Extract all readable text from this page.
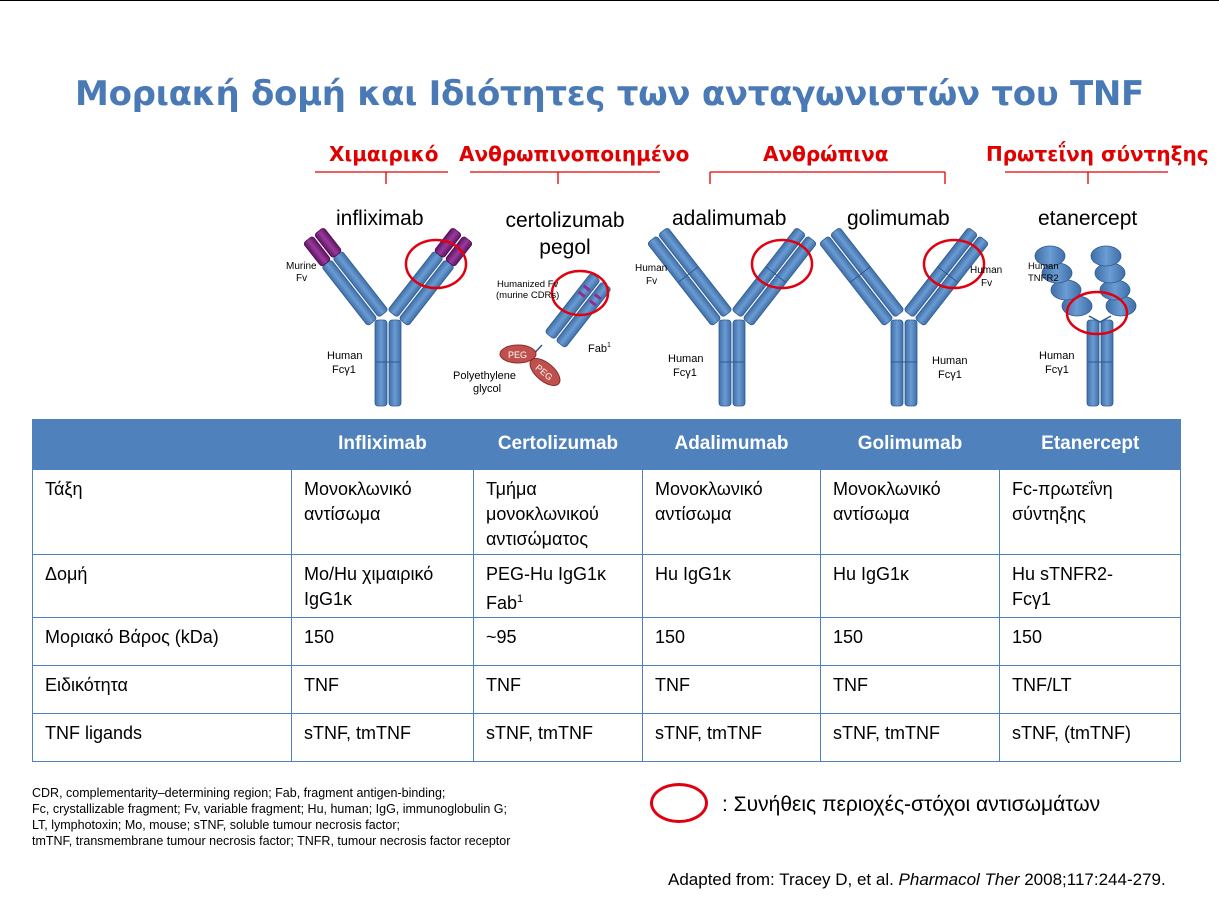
Μοριακή δομή και Ιδιότητες των ανταγωνιστών του TNF
Χιμαιρικό Ανθρωπινοποιημένο	Ανθρώπινα	Πρωτεΐνη σύντηξης
infliximab	certolizumab
pegol
adalimumab	golimumab	etanercept
Murine
Fv
Human
Fcγ1
PEG
PEG
Humanized Fv
(murine CDRs)
Fab$^1$
Polyethylene
glycol
Human
Fv
Human
Fcγ1
Human
Fv
Human
Fcγ1
Human
TNFR2
Human
Fcγ1
	Infliximab	Certolizumab	Adalimumab	Golimumab	Etanercept
Τάξη	Μονοκλωνικό αντίσωμα	Τμήμα μονοκλωνικού αντισώματος	Μονοκλωνικό αντίσωμα	Μονοκλωνικό αντίσωμα	Fc-πρωτεΐνη σύντηξης
Δομή	Mo/Hu χιμαιρικό IgG1κ	PEG-Hu IgG1κ Fab$^1$	Hu IgG1κ	Hu IgG1κ	Hu sTNFR2-Fcγ1
Μοριακό Βάρος (kDa)	150	~95	150	150	150
Ειδικότητα	TNF	TNF	TNF	TNF	TNF/LT
TNF ligands	sTNF, tmTNF	sTNF, tmTNF	sTNF, tmTNF	sTNF, tmTNF	sTNF, (tmTNF)
CDR, complementarity–determining region; Fab, fragment antigen-binding;
Fc, crystallizable fragment; Fv, variable fragment; Hu, human; IgG, immunoglobulin G;
LT, lymphotoxin; Mo, mouse; sTNF, soluble tumour necrosis factor;
tmTNF, transmembrane tumour necrosis factor; TNFR, tumour necrosis factor receptor
: Συνήθεις περιοχές-στόχοι αντισωμάτων
Adapted from: Tracey D, et al. Pharmacol Ther 2008;117:244-279.
